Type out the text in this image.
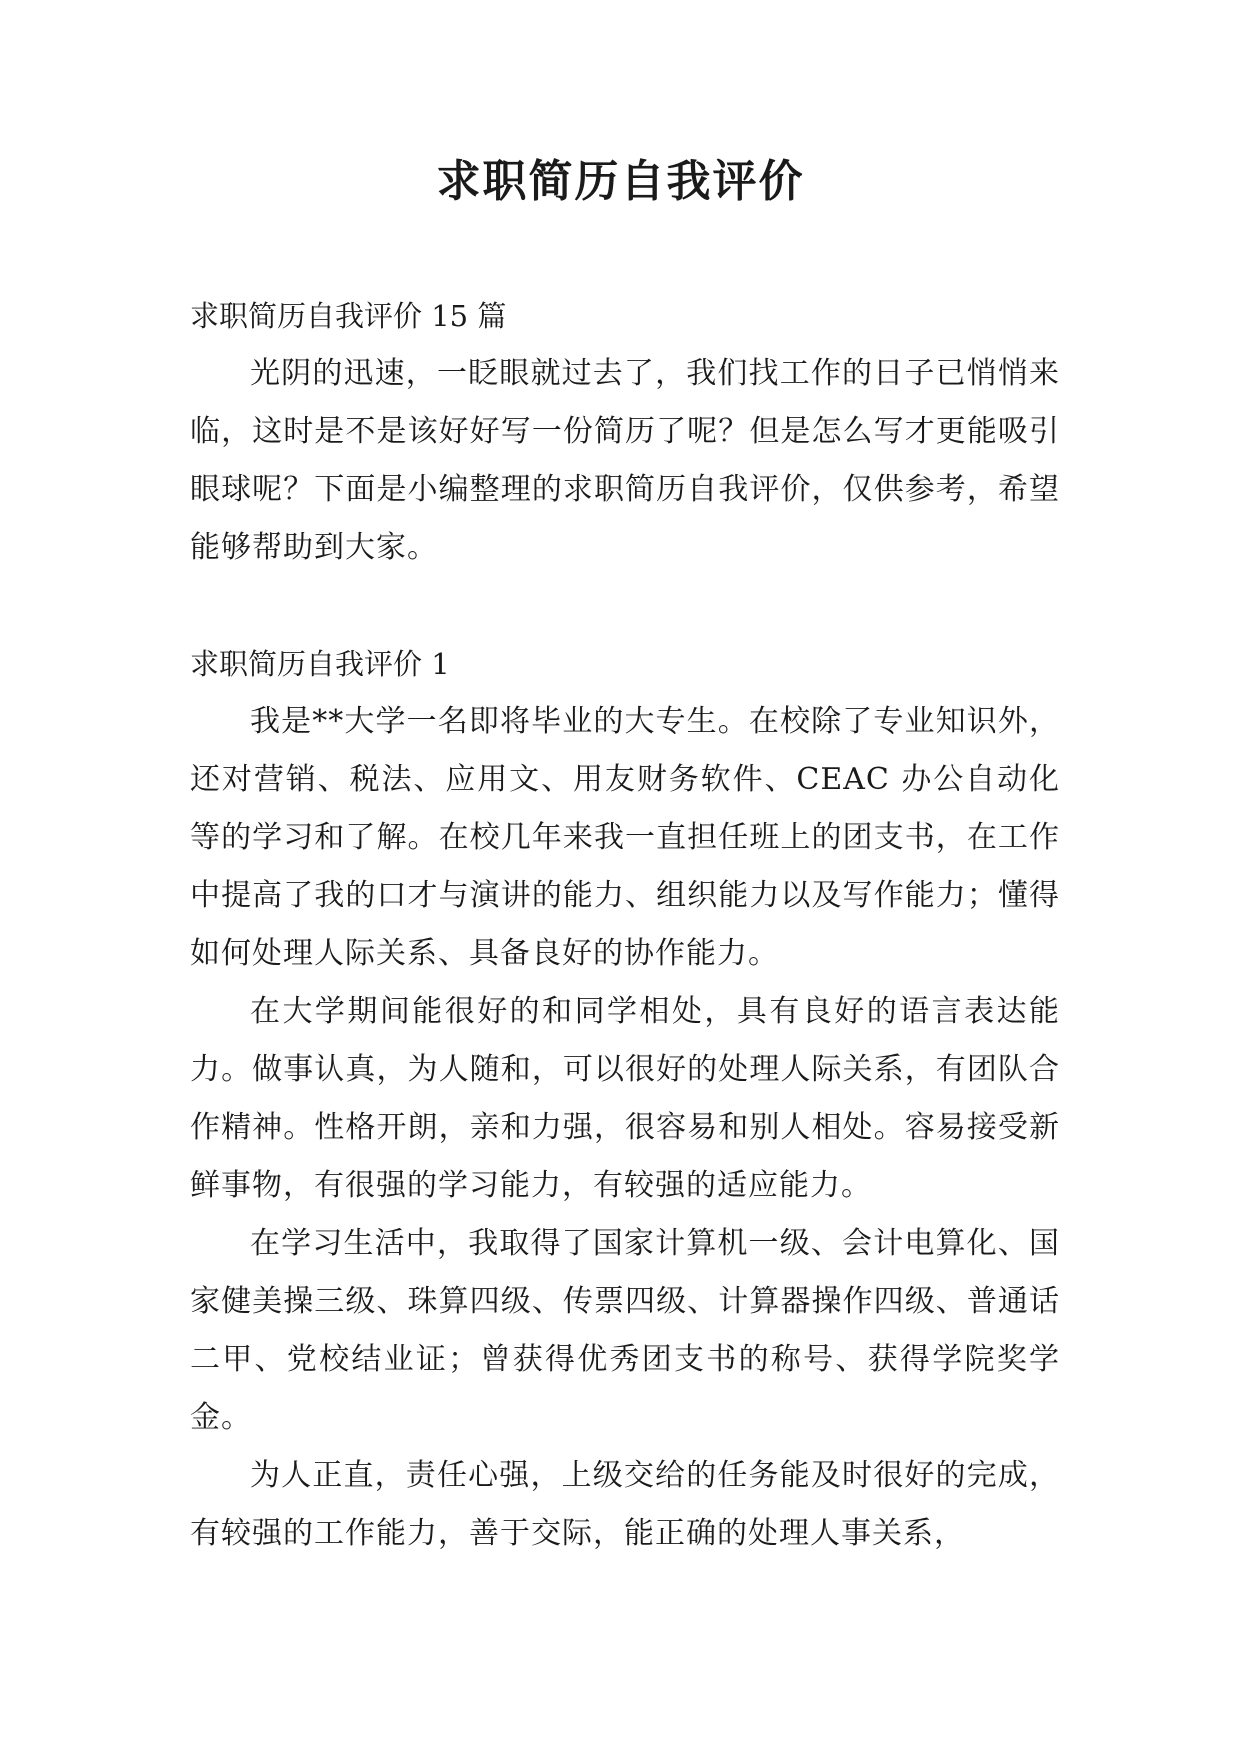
求职简历自我评价

求职简历自我评价 15 篇

光阴的迅速，一眨眼就过去了，我们找工作的日子已悄悄来临，这时是不是该好好写一份简历了呢？但是怎么写才更能吸引眼球呢？下面是小编整理的求职简历自我评价，仅供参考，希望能够帮助到大家。

求职简历自我评价 1

我是**大学一名即将毕业的大专生。在校除了专业知识外，还对营销、税法、应用文、用友财务软件、CEAC 办公自动化等的学习和了解。在校几年来我一直担任班上的团支书，在工作中提高了我的口才与演讲的能力、组织能力以及写作能力；懂得如何处理人际关系、具备良好的协作能力。

在大学期间能很好的和同学相处，具有良好的语言表达能力。做事认真，为人随和，可以很好的处理人际关系，有团队合作精神。性格开朗，亲和力强，很容易和别人相处。容易接受新鲜事物，有很强的学习能力，有较强的适应能力。

在学习生活中，我取得了国家计算机一级、会计电算化、国家健美操三级、珠算四级、传票四级、计算器操作四级、普通话二甲、党校结业证；曾获得优秀团支书的称号、获得学院奖学金。

为人正直，责任心强，上级交给的任务能及时很好的完成，有较强的工作能力，善于交际，能正确的处理人事关系，
